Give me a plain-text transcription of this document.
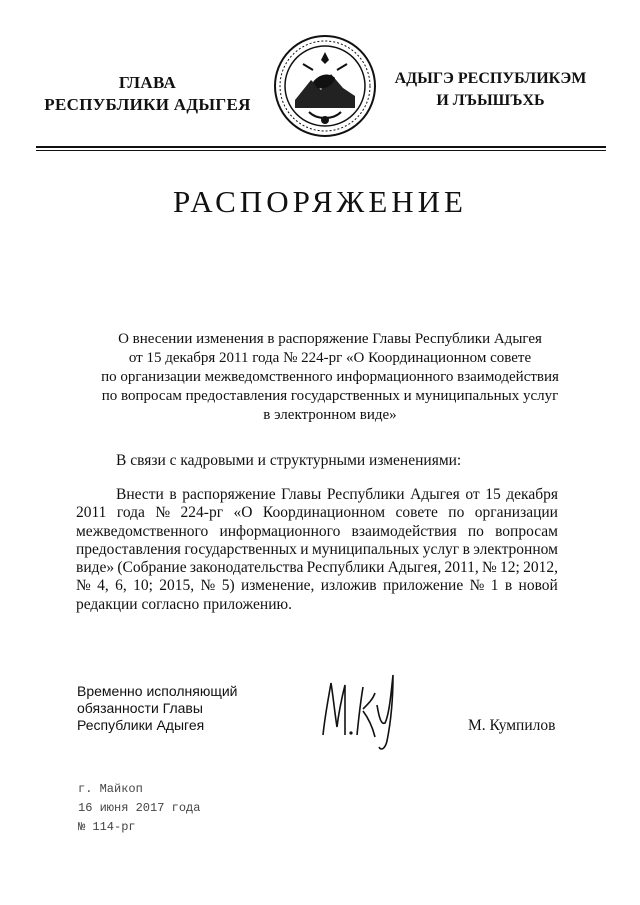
ГЛАВА
РЕСПУБЛИКИ АДЫГЕЯ
АДЫГЭ РЕСПУБЛИКЭМ
И ЛЪЫШЪХЬ
РАСПОРЯЖЕНИЕ
О внесении изменения в распоряжение Главы Республики Адыгея
от 15 декабря 2011 года № 224-рг «О Координационном совете
по организации межведомственного информационного взаимодействия
по вопросам предоставления государственных и муниципальных услуг
в электронном виде»
В связи с кадровыми и структурными изменениями:
Внести в распоряжение Главы Республики Адыгея от 15 декабря
2011 года № 224-рг «О Координационном совете по организации
межведомственного информационного взаимодействия по вопросам
предоставления государственных и муниципальных услуг в электронном
виде» (Собрание законодательства Республики Адыгея, 2011, № 12; 2012,
№ 4, 6, 10; 2015, № 5) изменение, изложив приложение № 1 в новой
редакции согласно приложению.
Временно исполняющий
обязанности Главы
Республики Адыгея	М. Кумпилов
г. Майкоп
16 июня 2017 года
№ 114-рг
